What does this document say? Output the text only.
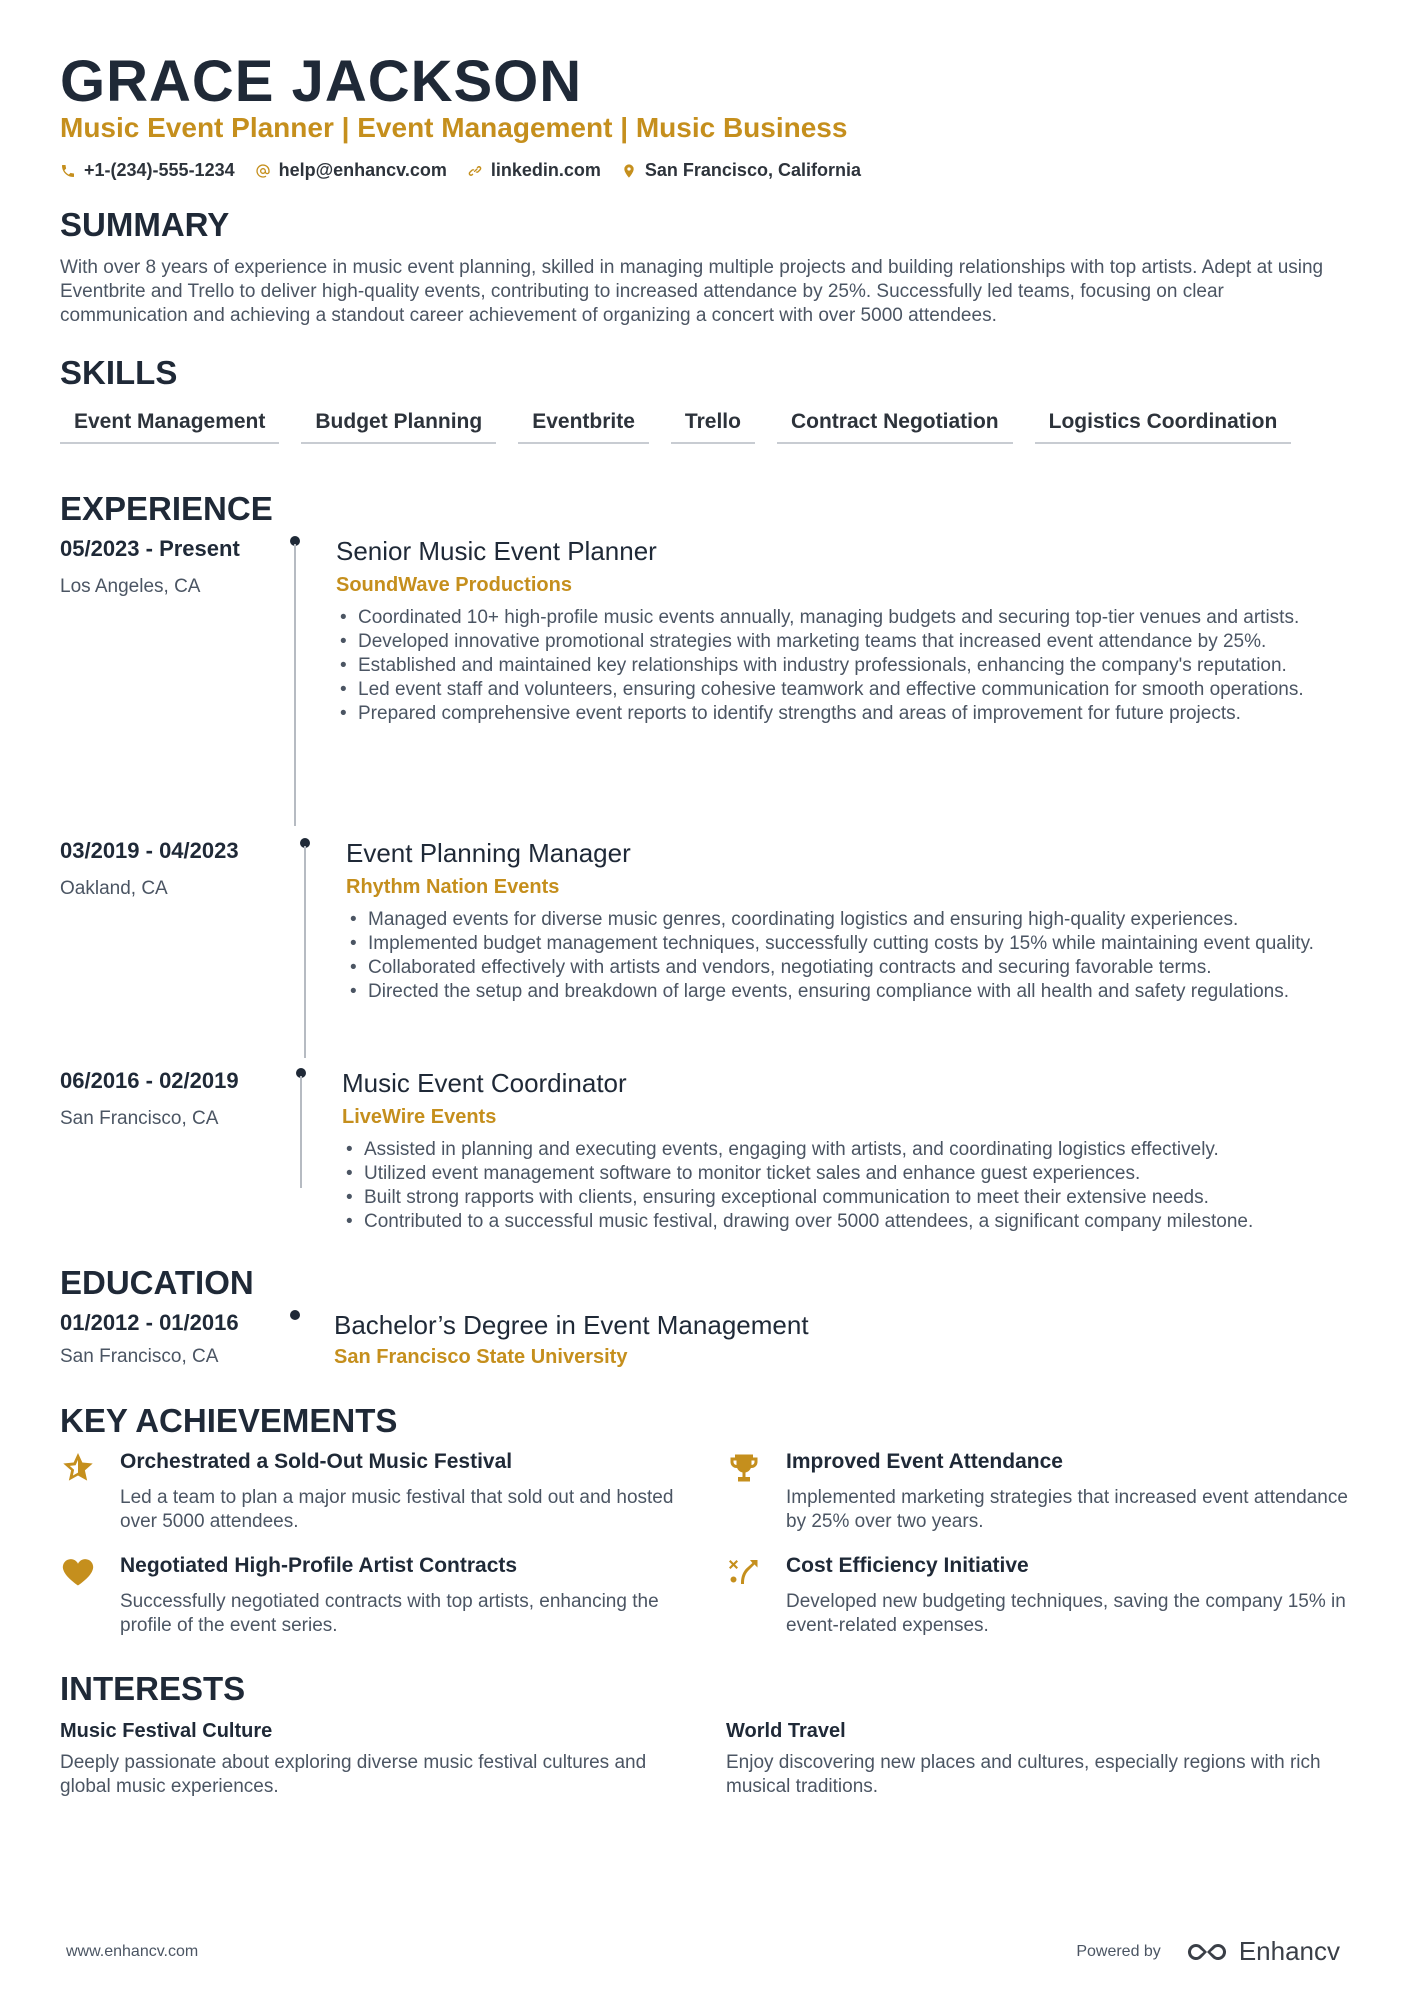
GRACE JACKSON
Music Event Planner | Event Management | Music Business
+1-(234)-555-1234 help@enhancv.com linkedin.com San Francisco, California
SUMMARY
With over 8 years of experience in music event planning, skilled in managing multiple projects and building relationships with top artists. Adept at using Eventbrite and Trello to deliver high-quality events, contributing to increased attendance by 25%. Successfully led teams, focusing on clear communication and achieving a standout career achievement of organizing a concert with over 5000 attendees.
SKILLS
Event Management	Budget Planning	Eventbrite	Trello	Contract Negotiation	Logistics Coordination
EXPERIENCE
05/2023 - Present
Los Angeles, CA
Senior Music Event Planner
SoundWave Productions
• Coordinated 10+ high-profile music events annually, managing budgets and securing top-tier venues and artists.
• Developed innovative promotional strategies with marketing teams that increased event attendance by 25%.
• Established and maintained key relationships with industry professionals, enhancing the company's reputation.
• Led event staff and volunteers, ensuring cohesive teamwork and effective communication for smooth operations.
• Prepared comprehensive event reports to identify strengths and areas of improvement for future projects.
03/2019 - 04/2023
Oakland, CA
Event Planning Manager
Rhythm Nation Events
• Managed events for diverse music genres, coordinating logistics and ensuring high-quality experiences.
• Implemented budget management techniques, successfully cutting costs by 15% while maintaining event quality.
• Collaborated effectively with artists and vendors, negotiating contracts and securing favorable terms.
• Directed the setup and breakdown of large events, ensuring compliance with all health and safety regulations.
06/2016 - 02/2019
San Francisco, CA
Music Event Coordinator
LiveWire Events
• Assisted in planning and executing events, engaging with artists, and coordinating logistics effectively.
• Utilized event management software to monitor ticket sales and enhance guest experiences.
• Built strong rapports with clients, ensuring exceptional communication to meet their extensive needs.
• Contributed to a successful music festival, drawing over 5000 attendees, a significant company milestone.
EDUCATION
01/2012 - 01/2016
San Francisco, CA
Bachelor’s Degree in Event Management
San Francisco State University
KEY ACHIEVEMENTS
Orchestrated a Sold-Out Music Festival
Led a team to plan a major music festival that sold out and hosted over 5000 attendees.
Improved Event Attendance
Implemented marketing strategies that increased event attendance by 25% over two years.
Negotiated High-Profile Artist Contracts
Successfully negotiated contracts with top artists, enhancing the profile of the event series.
Cost Efficiency Initiative
Developed new budgeting techniques, saving the company 15% in event-related expenses.
INTERESTS
Music Festival Culture
Deeply passionate about exploring diverse music festival cultures and global music experiences.
World Travel
Enjoy discovering new places and cultures, especially regions with rich musical traditions.
www.enhancv.com	Powered by	Enhancv
